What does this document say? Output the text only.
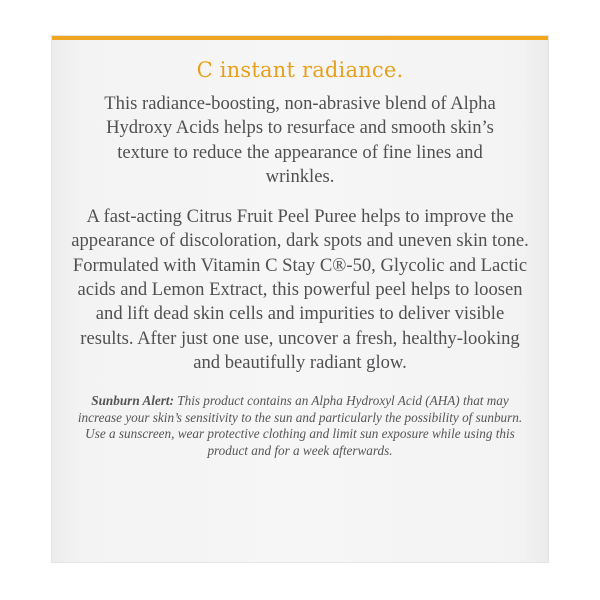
C instant radiance.

This radiance-boosting, non-abrasive blend of Alpha Hydroxy Acids helps to resurface and smooth skin’s texture to reduce the appearance of fine lines and wrinkles.

A fast-acting Citrus Fruit Peel Puree helps to improve the appearance of discoloration, dark spots and uneven skin tone. Formulated with Vitamin C Stay C®-50, Glycolic and Lactic acids and Lemon Extract, this powerful peel helps to loosen and lift dead skin cells and impurities to deliver visible results. After just one use, uncover a fresh, healthy-looking and beautifully radiant glow.

Sunburn Alert: This product contains an Alpha Hydroxyl Acid (AHA) that may increase your skin’s sensitivity to the sun and particularly the possibility of sunburn. Use a sunscreen, wear protective clothing and limit sun exposure while using this product and for a week afterwards.
